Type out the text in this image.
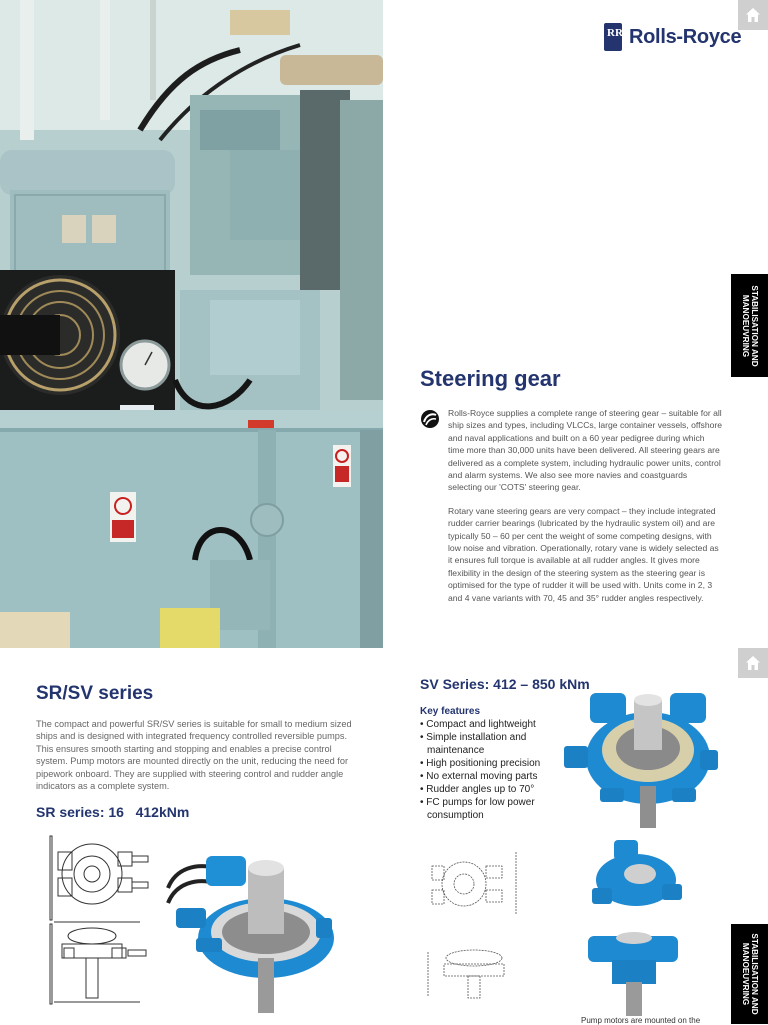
RR Rolls-Royce
STABILISATION AND MANOEUVRING
Steering gear

Rolls-Royce supplies a complete range of steering gear – suitable for all ship sizes and types, including VLCCs, large container vessels, offshore and naval applications and built on a 60 year pedigree during which time more than 30,000 units have been delivered. All steering gears are delivered as a complete system, including hydraulic power units, control and alarm systems. We also see more navies and coastguards selecting our 'COTS' steering gear.

Rotary vane steering gears are very compact – they include integrated rudder carrier bearings (lubricated by the hydraulic system oil) and are typically 50 – 60 per cent the weight of some competing designs, with low noise and vibration. Operationally, rotary vane is widely selected as it ensures full torque is available at all rudder angles. It gives more flexibility in the design of the steering system as the steering gear is optimised for the type of rudder it will be used with. Units come in 2, 3 and 4 vane variants with 70, 45 and 35° rudder angles respectively.

STABILISATION AND MANOEUVRING
SR/SV series

The compact and powerful SR/SV series is suitable for small to medium sized ships and is designed with integrated frequency controlled reversible pumps. This ensures smooth starting and stopping and enables a precise control system. Pump motors are mounted directly on the unit, reducing the need for pipework onboard. They are supplied with steering control and rudder angle indicators as a complete system.

SR series: 16   412kNm
SV Series: 412 – 850 kNm

Key features

• Compact and lightweight
• Simple installation and maintenance
• High positioning precision
• No external moving parts
• Rudder angles up to 70°
• FC pumps for low power consumption

Pump motors are mounted on the
